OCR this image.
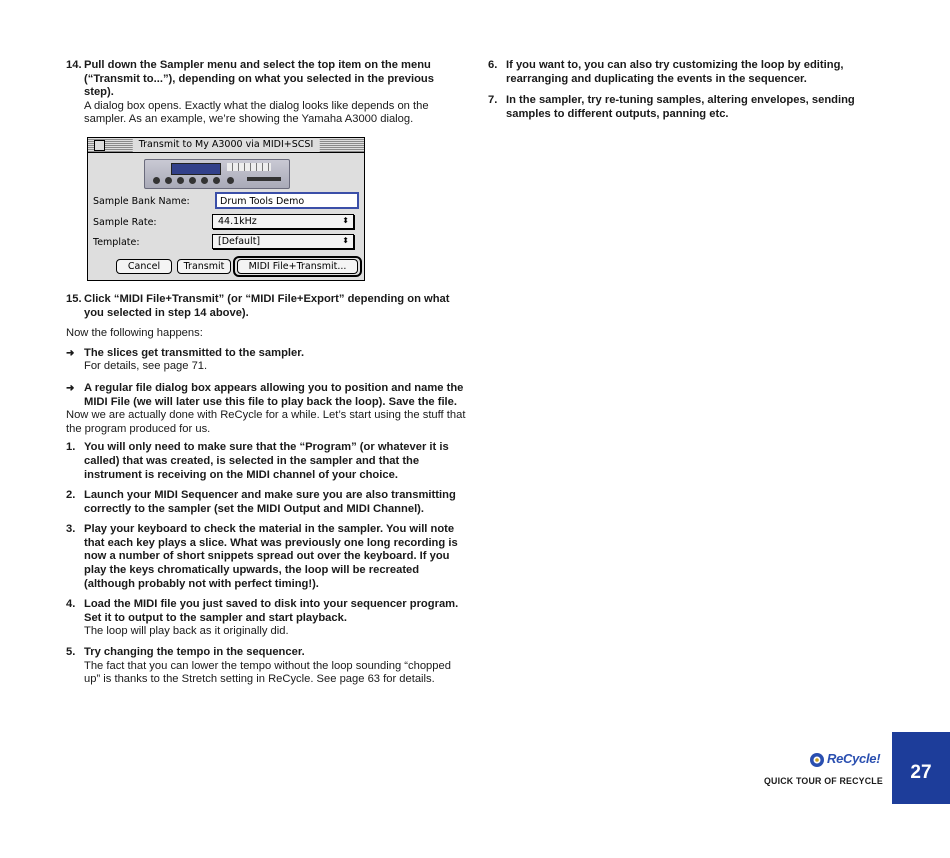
14. Pull down the Sampler menu and select the top item on the menu (“Transmit to...”), depending on what you selected in the previous step).
A dialog box opens. Exactly what the dialog looks like depends on the sampler. As an example, we’re showing the Yamaha A3000 dialog.
Transmit to My A3000 via MIDI+SCSI
Sample Bank Name:	Drum Tools Demo
Sample Rate:	44.1kHz	⬍
Template:	[Default]	⬍
Cancel	Transmit	MIDI File+Transmit...
15. Click “MIDI File+Transmit” (or “MIDI File+Export” depending on what you selected in step 14 above).

Now the following happens:

➜ The slices get transmitted to the sampler.
For details, see page 71.
➜ A regular file dialog box appears allowing you to position and name the MIDI File (we will later use this file to play back the loop). Save the file.

Now we are actually done with ReCycle for a while. Let’s start using the stuff that the program produced for us.

1. You will only need to make sure that the “Program” (or whatever it is called) that was created, is selected in the sampler and that the instrument is receiving on the MIDI channel of your choice.
2. Launch your MIDI Sequencer and make sure you are also transmitting correctly to the sampler (set the MIDI Output and MIDI Channel).
3. Play your keyboard to check the material in the sampler. You will note that each key plays a slice. What was previously one long recording is now a number of short snippets spread out over the keyboard. If you play the keys chromatically upwards, the loop will be recreated (although probably not with perfect timing!).
4. Load the MIDI file you just saved to disk into your sequencer program. Set it to output to the sampler and start playback.
The loop will play back as it originally did.
5. Try changing the tempo in the sequencer.
The fact that you can lower the tempo without the loop sounding “chopped up” is thanks to the Stretch setting in ReCycle. See page 63 for details.
6. If you want to, you can also try customizing the loop by editing, rearranging and duplicating the events in the sequencer.
7. In the sampler, try re-tuning samples, altering envelopes, sending samples to different outputs, panning etc.
ReCycle!
QUICK TOUR OF RECYCLE	27
